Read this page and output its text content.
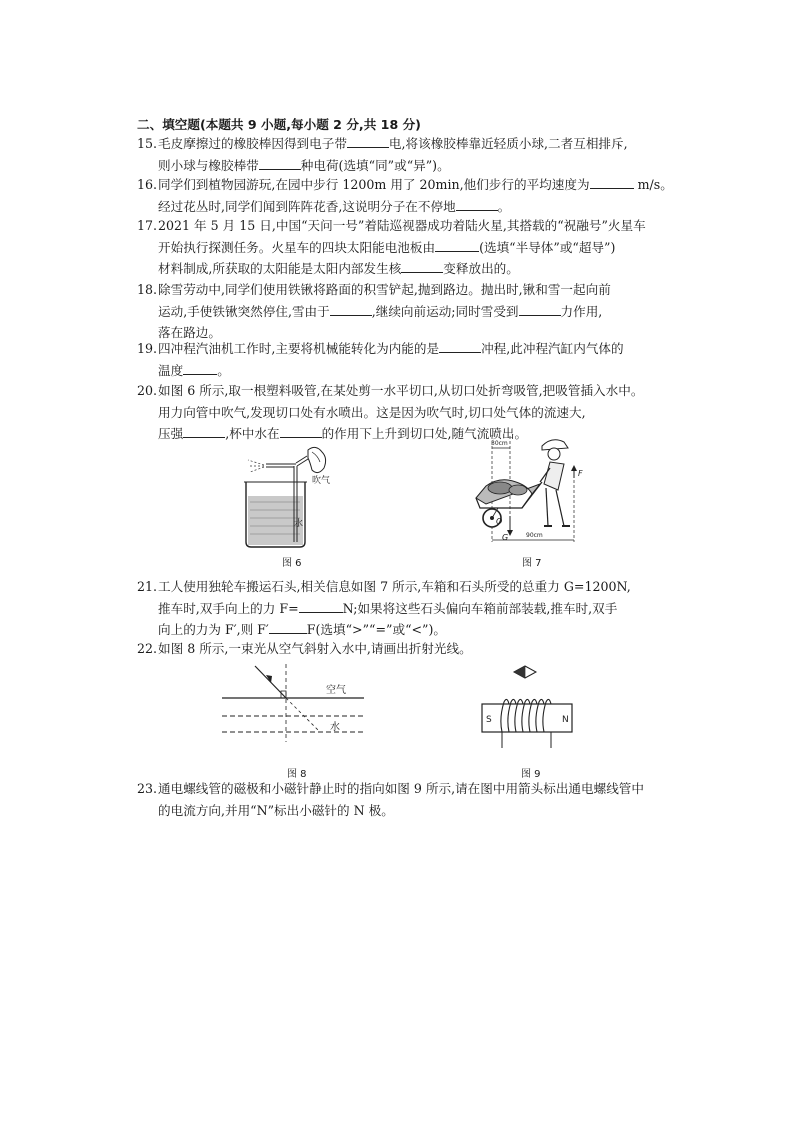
二、填空题(本题共 9 小题,每小题 2 分,共 18 分)
15.毛皮摩擦过的橡胶棒因得到电子带	电,将该橡胶棒靠近轻质小球,二者互相排斥,
则小球与橡胶棒带	种电荷(选填“同”或“异”)。
16.同学们到植物园游玩,在园中步行 1200m 用了 20min,他们步行的平均速度为	m/s。
经过花丛时,同学们闻到阵阵花香,这说明分子在不停地	。
17.2021 年 5 月 15 日,中国“天问一号”着陆巡视器成功着陆火星,其搭载的“祝融号”火星车
开始执行探测任务。火星车的四块太阳能电池板由	(选填“半导体”或“超导”)
材料制成,所获取的太阳能是太阳内部发生核	变释放出的。
18.除雪劳动中,同学们使用铁锹将路面的积雪铲起,抛到路边。抛出时,锹和雪一起向前
运动,手使铁锹突然停住,雪由于	,继续向前运动;同时雪受到	力作用,
落在路边。
19.四冲程汽油机工作时,主要将机械能转化为内能的是	冲程,此冲程汽缸内气体的
温度	。
20.如图 6 所示,取一根塑料吸管,在某处剪一水平切口,从切口处折弯吸管,把吸管插入水中。
用力向管中吹气,发现切口处有水喷出。这是因为吹气时,切口处气体的流速大,
压强	,杯中水在	的作用下上升到切口处,随气流喷出。
吹气
水
图 6
30cm
F
O
G	90cm
图 7
21.工人使用独轮车搬运石头,相关信息如图 7 所示,车箱和石头所受的总重力 G=1200N,
推车时,双手向上的力 F=	N;如果将这些石头偏向车箱前部装载,推车时,双手
向上的力为 F′,则 F′	F(选填“>”“=”或“<”)。
22.如图 8 所示,一束光从空气斜射入水中,请画出折射光线。
空气
水
图 8
S	N
图 9
23.通电螺线管的磁极和小磁针静止时的指向如图 9 所示,请在图中用箭头标出通电螺线管中
的电流方向,并用“N”标出小磁针的 N 极。
